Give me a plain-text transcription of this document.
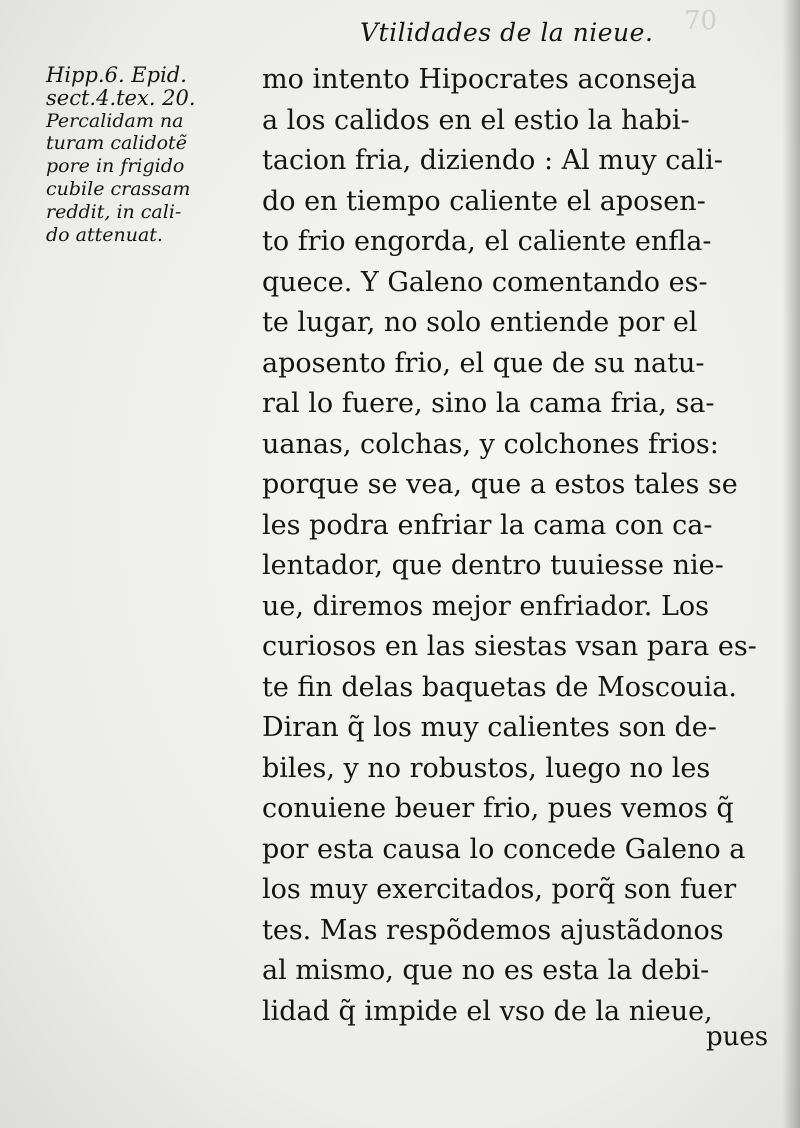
70
Vtilidades de la nieue.
Hipp.6. Epid.
sect.4.tex. 20.
Percalidam na
turam calidotẽ
pore in frigido
cubile crassam
reddit, in cali-
do attenuat.
mo intento Hipocrates aconseja
a los calidos en el estio la habi-
tacion fria, diziendo : Al muy cali-
do en tiempo caliente el aposen-
to frio engorda, el caliente enfla-
quece. Y Galeno comentando es-
te lugar, no solo entiende por el
aposento frio, el que de su natu-
ral lo fuere, sino la cama fria, sa-
uanas, colchas, y colchones frios:
porque se vea, que a estos tales se
les podra enfriar la cama con ca-
lentador, que dentro tuuiesse nie-
ue, diremos mejor enfriador. Los
curiosos en las siestas vsan para es-
te fin delas baquetas de Moscouia.
Diran q̃ los muy calientes son de-
biles, y no robustos, luego no les
conuiene beuer frio, pues vemos q̃
por esta causa lo concede Galeno a
los muy exercitados, porq̃ son fuer
tes. Mas respõdemos ajustãdonos
al mismo, que no es esta la debi-
lidad q̃ impide el vso de la nieue,
pues
